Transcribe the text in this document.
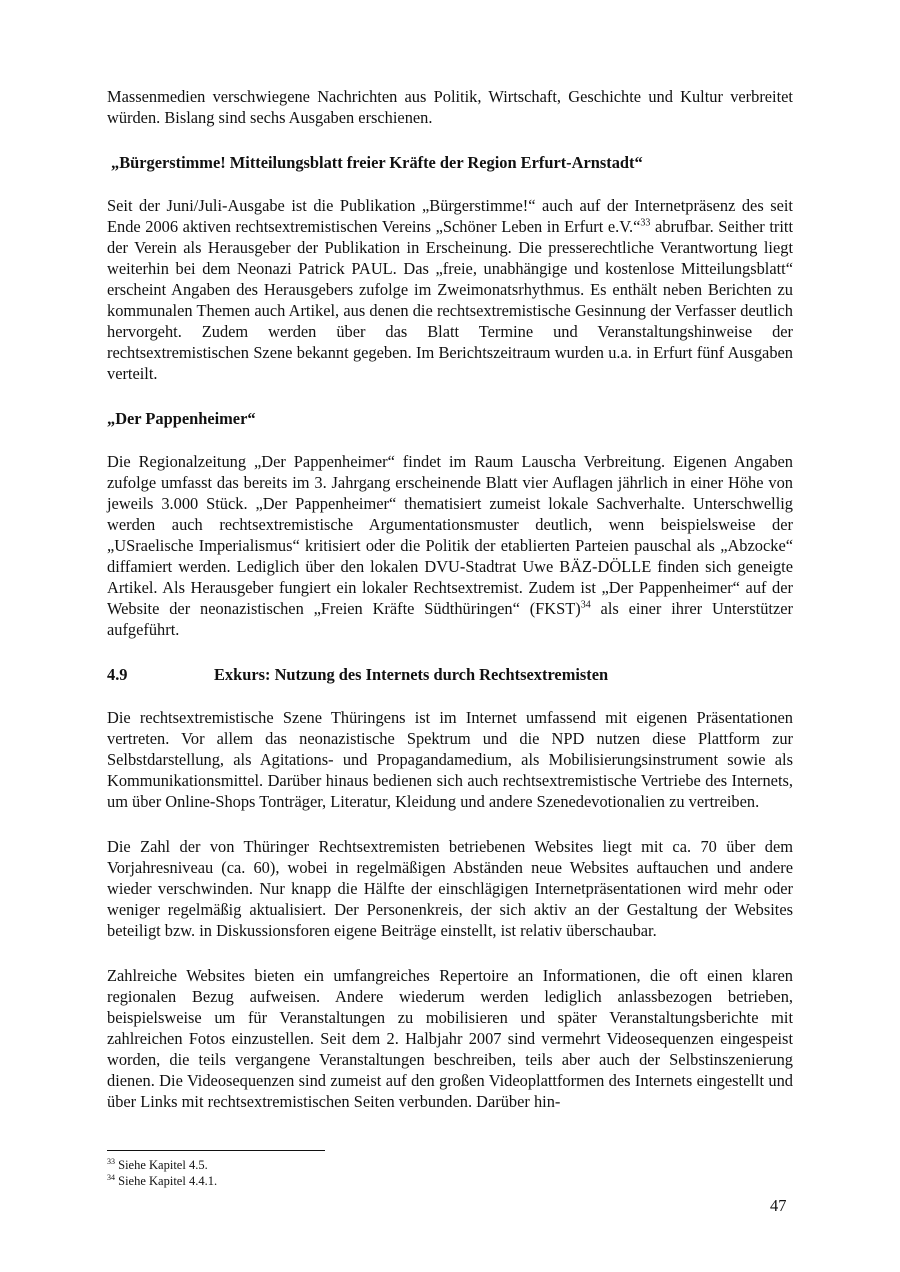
Massenmedien verschwiegene Nachrichten aus Politik, Wirtschaft, Geschichte und Kultur verbreitet würden. Bislang sind sechs Ausgaben erschienen.

„Bürgerstimme! Mitteilungsblatt freier Kräfte der Region Erfurt-Arnstadt“

Seit der Juni/Juli-Ausgabe ist die Publikation „Bürgerstimme!“ auch auf der Internetpräsenz des seit Ende 2006 aktiven rechtsextremistischen Vereins „Schöner Leben in Erfurt e.V.“$^{33}$ abrufbar. Seither tritt der Verein als Herausgeber der Publikation in Erscheinung. Die presserechtliche Verantwortung liegt weiterhin bei dem Neonazi Patrick PAUL. Das „freie, unabhängige und kostenlose Mitteilungsblatt“ erscheint Angaben des Herausgebers zufolge im Zweimonatsrhythmus. Es enthält neben Berichten zu kommunalen Themen auch Artikel, aus denen die rechtsextremistische Gesinnung der Verfasser deutlich hervorgeht. Zudem werden über das Blatt Termine und Veranstaltungshinweise der rechtsextremistischen Szene bekannt gegeben. Im Berichtszeitraum wurden u.a. in Erfurt fünf Ausgaben verteilt.

„Der Pappenheimer“

Die Regionalzeitung „Der Pappenheimer“ findet im Raum Lauscha Verbreitung. Eigenen Angaben zufolge umfasst das bereits im 3. Jahrgang erscheinende Blatt vier Auflagen jährlich in einer Höhe von jeweils 3.000 Stück. „Der Pappenheimer“ thematisiert zumeist lokale Sachverhalte. Unterschwellig werden auch rechtsextremistische Argumentationsmuster deutlich, wenn beispielsweise der „USraelische Imperialismus“ kritisiert oder die Politik der etablierten Parteien pauschal als „Abzocke“ diffamiert werden. Lediglich über den lokalen DVU-Stadtrat Uwe BÄZ-DÖLLE finden sich geneigte Artikel. Als Herausgeber fungiert ein lokaler Rechtsextremist. Zudem ist „Der Pappenheimer“ auf der Website der neonazistischen „Freien Kräfte Südthüringen“ (FKST)$^{34}$ als einer ihrer Unterstützer aufgeführt.

4.9	Exkurs: Nutzung des Internets durch Rechtsextremisten

Die rechtsextremistische Szene Thüringens ist im Internet umfassend mit eigenen Präsentationen vertreten. Vor allem das neonazistische Spektrum und die NPD nutzen diese Plattform zur Selbstdarstellung, als Agitations- und Propagandamedium, als Mobilisierungsinstrument sowie als Kommunikationsmittel. Darüber hinaus bedienen sich auch rechtsextremistische Vertriebe des Internets, um über Online-Shops Tonträger, Literatur, Kleidung und andere Szenedevotionalien zu vertreiben.

Die Zahl der von Thüringer Rechtsextremisten betriebenen Websites liegt mit ca. 70 über dem Vorjahresniveau (ca. 60), wobei in regelmäßigen Abständen neue Websites auftauchen und andere wieder verschwinden. Nur knapp die Hälfte der einschlägigen Internetpräsentationen wird mehr oder weniger regelmäßig aktualisiert. Der Personenkreis, der sich aktiv an der Gestaltung der Websites beteiligt bzw. in Diskussionsforen eigene Beiträge einstellt, ist relativ überschaubar.

Zahlreiche Websites bieten ein umfangreiches Repertoire an Informationen, die oft einen klaren regionalen Bezug aufweisen. Andere wiederum werden lediglich anlassbezogen betrieben, beispielsweise um für Veranstaltungen zu mobilisieren und später Veranstaltungsberichte mit zahlreichen Fotos einzustellen. Seit dem 2. Halbjahr 2007 sind vermehrt Videosequenzen eingespeist worden, die teils vergangene Veranstaltungen beschreiben, teils aber auch der Selbstinszenierung dienen. Die Videosequenzen sind zumeist auf den großen Videoplattformen des Internets eingestellt und über Links mit rechtsextremistischen Seiten verbunden. Darüber hin-

$^{33}$ Siehe Kapitel 4.5.
$^{34}$ Siehe Kapitel 4.4.1.
47
